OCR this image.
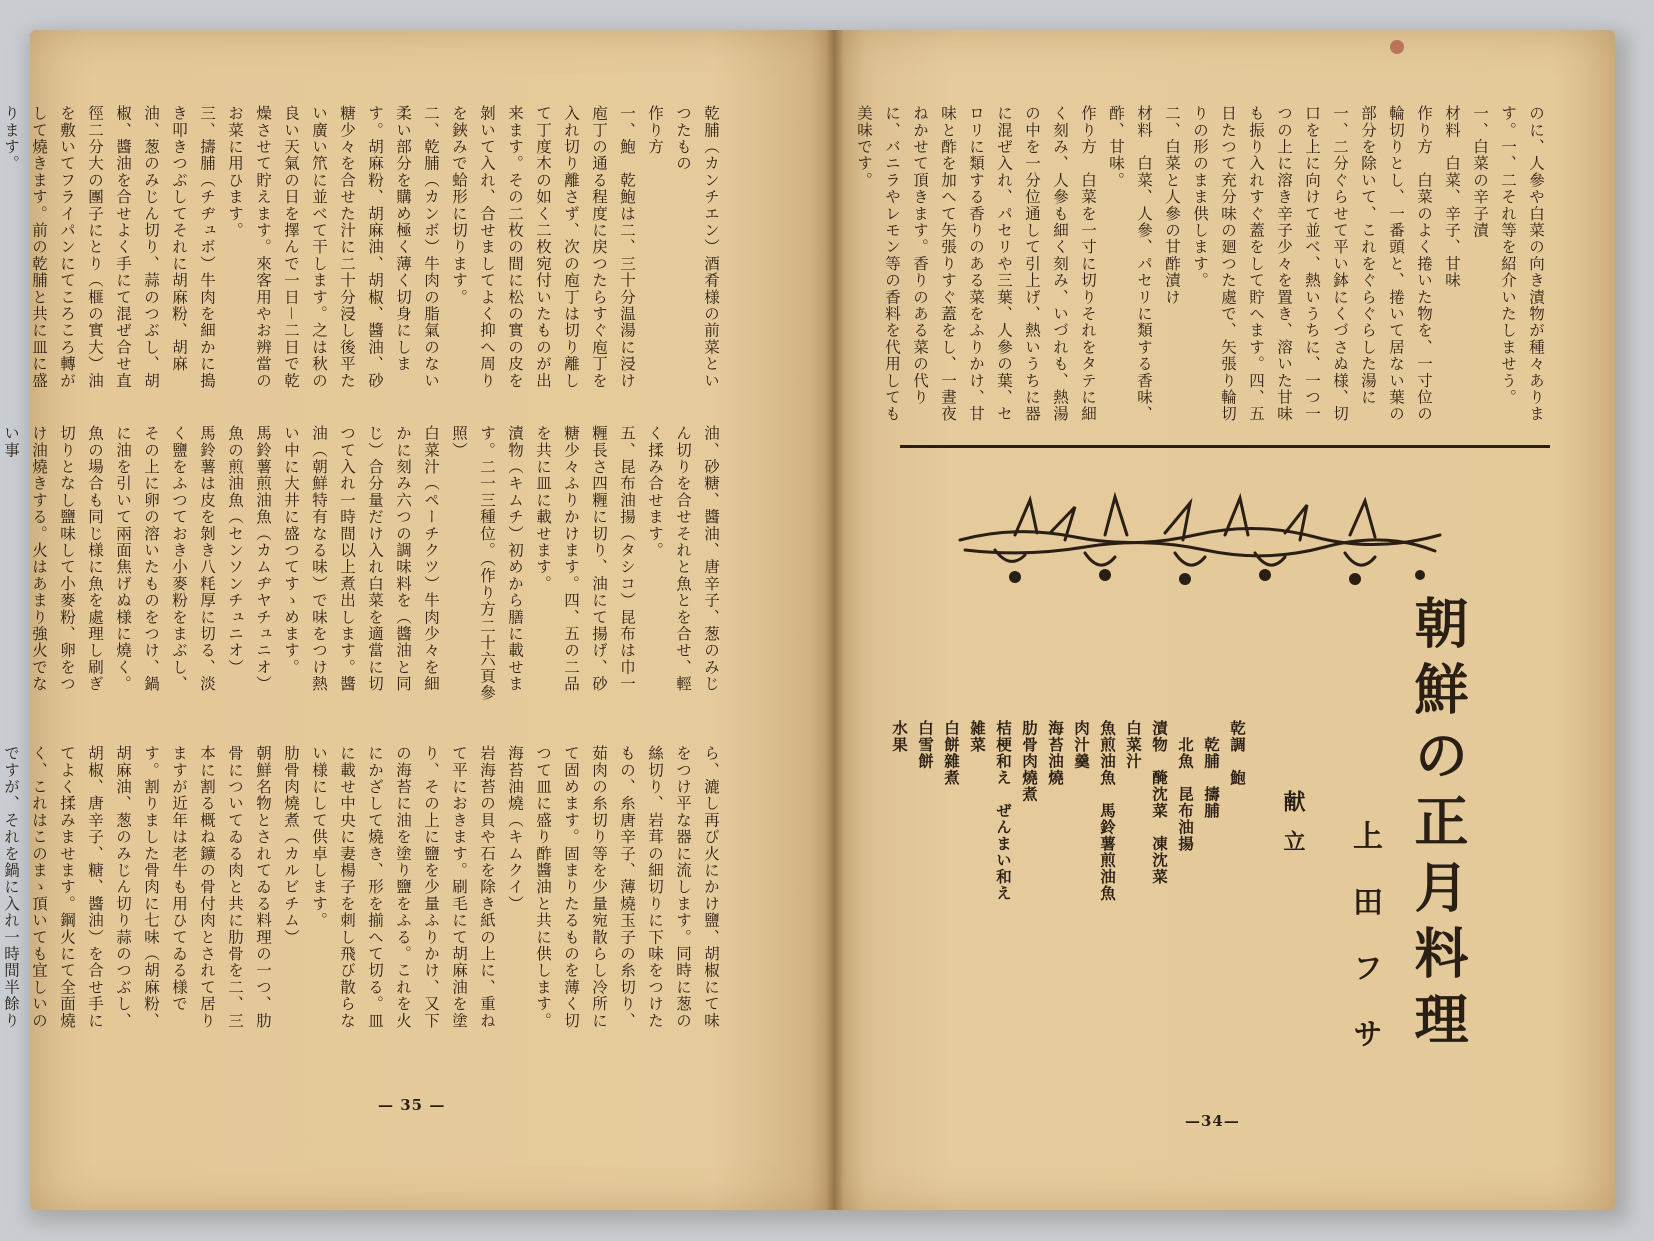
乾脯（カンチエン）酒肴様の前菜といつたもの
作り方
一、鮑　乾鮑は二、三十分温湯に浸け庖丁の通る程度に戻つたらすぐ庖丁を入れ切り離さず、次の庖丁は切り離して丁度木の如く二枚宛付いたものが出来ます。その二枚の間に松の實の皮を剝いて入れ、合せましてよく抑へ周りを鋏みで蛤形に切ります。
二、乾脯（カンボ）牛肉の脂氣のない柔い部分を購め極く薄く切身にします。胡麻粉、胡麻油、胡椒、醬油、砂糖少々を合せた汁に二十分浸し後平たい廣い笊に並べて干します。之は秋の良い天氣の日を擇んで一日－二日で乾燥させて貯えます。來客用やお辨當のお菜に用ひます。
三、擣脯（チヂュボ）牛肉を細かに搗き叩きつぶしてそれに胡麻粉、胡麻油、葱のみじん切り、蒜のつぶし、胡椒、醬油を合せよく手にて混ぜ合せ直徑二分大の團子にとり（榧の實大）油を敷いてフライパンにてころころ轉がして燒きます。前の乾脯と共に皿に盛ります。

油、砂糖、醬油、唐辛子、葱のみじん切りを合せそれと魚とを合せ、輕く揉み合せます。
五、昆布油揚（タシコ）昆布は巾一糎長さ四糎に切り、油にて揚げ、砂糖少々ふりかけます。四、五の二品を共に皿に載せます。
漬物（キムチ）初めから膳に載せます。二一三種位。（作り方二十六頁參照）
白菜汁（ペーチクツ）牛肉少々を細かに刻み六つの調味料を（醬油と同じ）合分量だけ入れ白菜を適當に切つて入れ一時間以上煮出します。醬油（朝鮮特有なる味）で味をつけ熱い中に大井に盛つてすゝめます。
馬鈴薯煎油魚（カムヂヤチュニオ）
魚の煎油魚（センソンチュニオ）
馬鈴薯は皮を剝き八粍厚に切る、淡く鹽をふつておき小麥粉をまぶし、その上に卵の溶いたものをつけ、鍋に油を引いて兩面焦げぬ様に燒く。魚の場合も同じ様に魚を處理し刷ぎ切りとなし鹽味して小麥粉、卵をつけ油燒きする。火はあまり強火でない事

ら、漉し再び火にかけ鹽、胡椒にて味をつけ平な器に流します。同時に葱の絲切り、岩茸の細切りに下味をつけたもの、糸唐辛子、薄燒玉子の糸切り、茹肉の糸切り等を少量宛散らし冷所にて固めます。固まりたるものを薄く切つて皿に盛り酢醬油と共に供します。
海苔油燒（キムクイ）
岩海苔の貝や石を除き紙の上に、重ねて平におきます。刷毛にて胡麻油を塗り、その上に鹽を少量ふりかけ、又下の海苔に油を塗り鹽をふる。これを火にかざして燒き、形を揃へて切る。皿に載せ中央に妻楊子を刺し飛び散らない様にして供卓します。
肋骨肉燒煮（カルビチム）
朝鮮名物とされてゐる料理の一つ、肋骨についてゐる肉と共に肋骨を二、三本に割る概ね鑛の骨付肉とされて居りますが近年は老牛も用ひてゐる様です。割りました骨肉に七味（胡麻粉、胡麻油、葱のみじん切り蒜のつぶし、胡椒、唐辛子、糖、醬油）を合せ手にてよく揉みませます。鋼火にて全面燒く、これはこのまゝ頂いても宜しいのですが、それを鍋に入れ一時間半餘り
— 35 —
のに、人參や白菜の向き漬物が種々あります。一、二それ等を紹介いたしませう。
一、白菜の辛子漬
材料　白菜、辛子、甘味
作り方　白菜のよく捲いた物を、一寸位の輪切りとし、一番頭と、捲いて居ない葉の部分を除いて、これをぐらぐらした湯に一、二分ぐらせて平い鉢にくづさぬ様、切口を上に向けて並べ、熱いうちに、一つ一つの上に溶き辛子少々を置き、溶いた甘味も振り入れすぐ蓋をして貯へます。四、五日たつて充分味の廻つた處で、矢張り輪切りの形のまま供します。
二、白菜と人參の甘酢漬け
材料　白菜、人參、パセリに類する香味、酢、甘味。
作り方　白菜を一寸に切りそれをタテに細く刻み、人參も細く刻み、いづれも、熱湯の中を一分位通して引上げ、熱いうちに器に混ぜ入れ、パセリや三葉、人參の葉、セロリに類する香りのある菜をふりかけ、甘味と酢を加へて矢張りすぐ蓋をし、一晝夜ねかせて頂きます。香りのある菜の代りに、バニラやレモン等の香料を代用しても美味です。
朝鮮の正月料理
上田フサ
献立
乾調　鮑
　乾脯　擣脯
　北魚　昆布油揚
漬物　醃沈菜　凍沈菜
白菜汁
魚煎油魚　馬鈴薯煎油魚
肉汁羹
海苔油燒
肋骨肉燒煮
桔梗和え　ぜんまい和え
雑菜
白餅雜煮
白雪餅
水果
—34—
